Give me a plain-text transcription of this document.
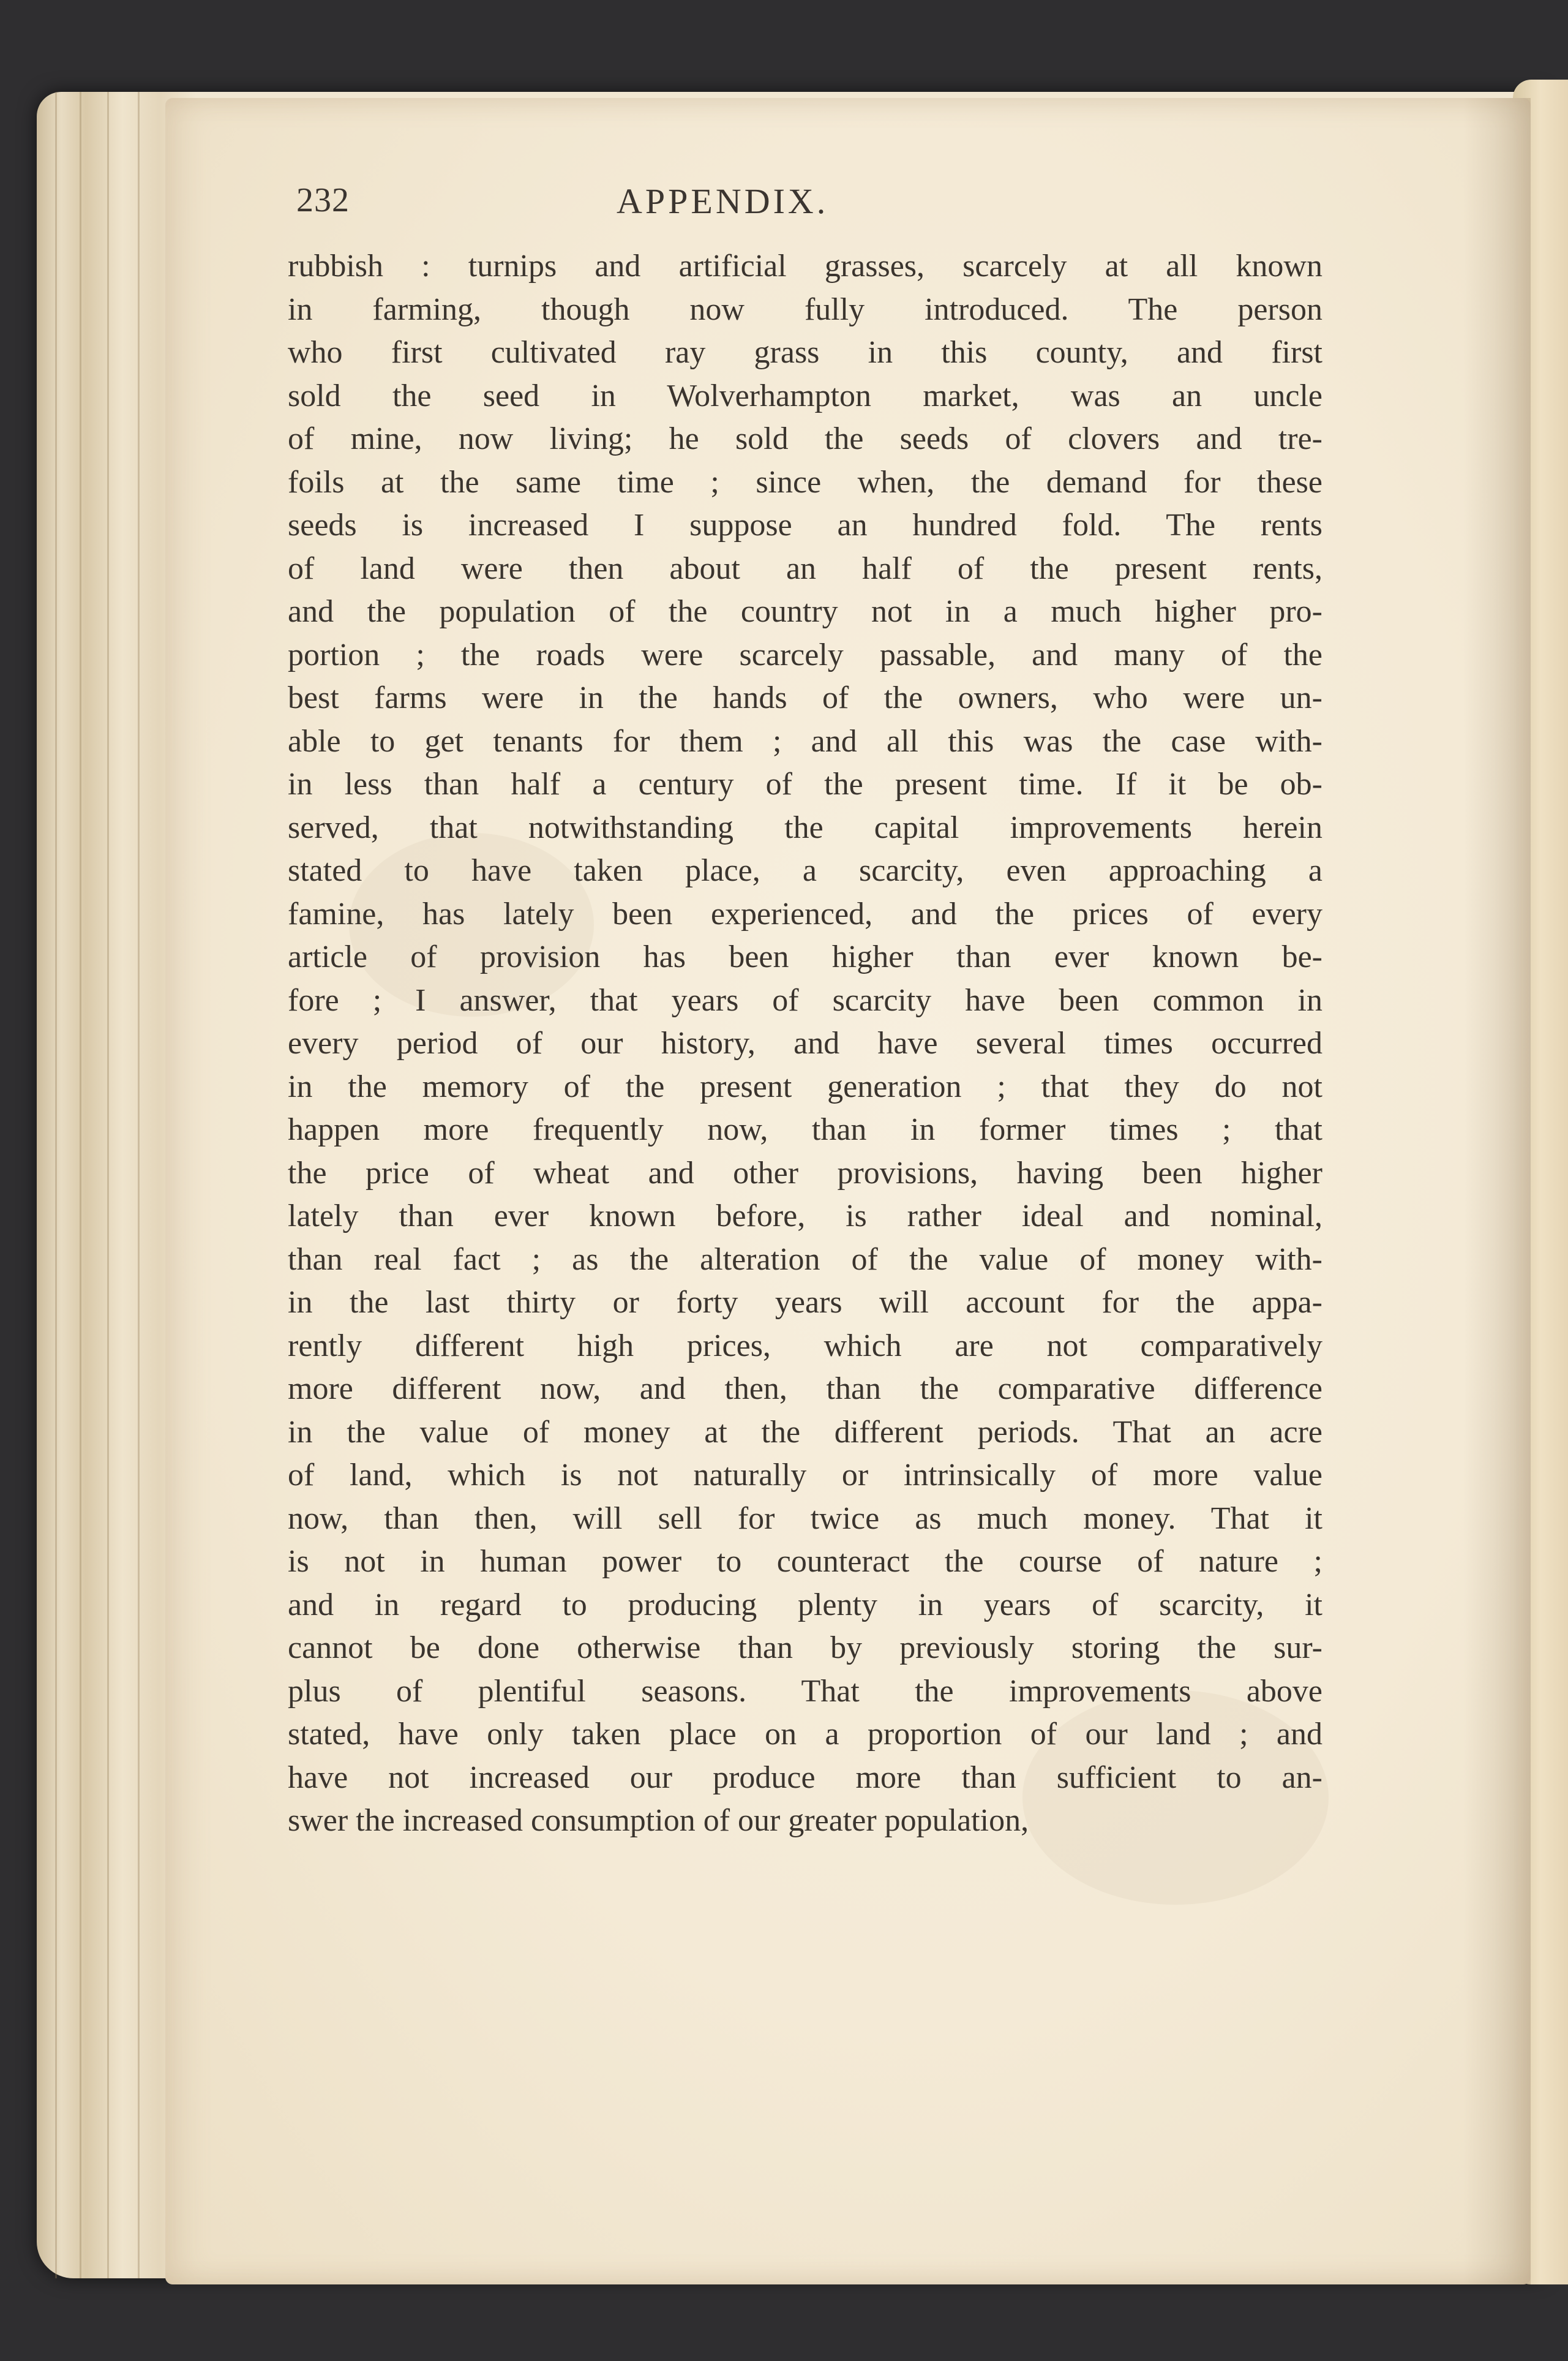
232	APPENDIX.
rubbish : turnips and artificial grasses, scarcely at all known
in farming, though now fully introduced. The person
who first cultivated ray grass in this county, and first
sold the seed in Wolverhampton market, was an uncle
of mine, now living; he sold the seeds of clovers and tre-
foils at the same time ; since when, the demand for these
seeds is increased I suppose an hundred fold. The rents
of land were then about an half of the present rents,
and the population of the country not in a much higher pro-
portion ; the roads were scarcely passable, and many of the
best farms were in the hands of the owners, who were un-
able to get tenants for them ; and all this was the case with-
in less than half a century of the present time. If it be ob-
served, that notwithstanding the capital improvements herein
stated to have taken place, a scarcity, even approaching a
famine, has lately been experienced, and the prices of every
article of provision has been higher than ever known be-
fore ; I answer, that years of scarcity have been common in
every period of our history, and have several times occurred
in the memory of the present generation ; that they do not
happen more frequently now, than in former times ; that
the price of wheat and other provisions, having been higher
lately than ever known before, is rather ideal and nominal,
than real fact ; as the alteration of the value of money with-
in the last thirty or forty years will account for the appa-
rently different high prices, which are not comparatively
more different now, and then, than the comparative difference
in the value of money at the different periods. That an acre
of land, which is not naturally or intrinsically of more value
now, than then, will sell for twice as much money. That it
is not in human power to counteract the course of nature ;
and in regard to producing plenty in years of scarcity, it
cannot be done otherwise than by previously storing the sur-
plus of plentiful seasons. That the improvements above
stated, have only taken place on a proportion of our land ; and
have not increased our produce more than sufficient to an-
swer the increased consumption of our greater population,
